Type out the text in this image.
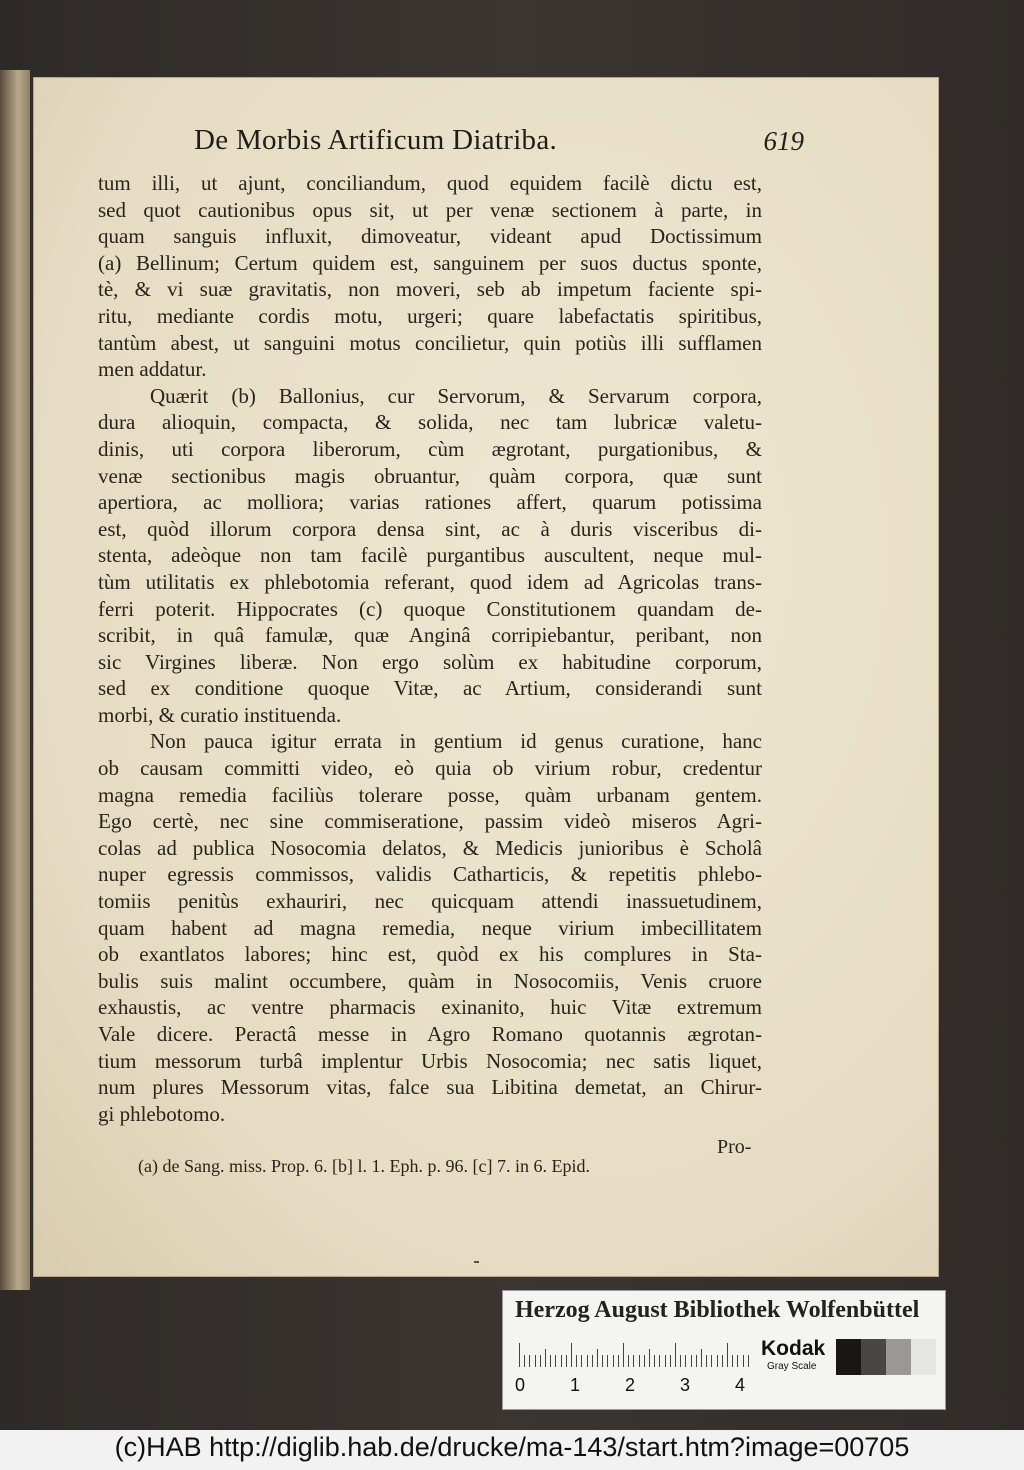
De Morbis Artificum Diatriba.	619
tum illi, ut ajunt, conciliandum, quod equidem facilè dictu est,
sed quot cautionibus opus sit, ut per venæ sectionem à parte, in
quam sanguis influxit, dimoveatur, videant apud Doctissimum
(a) Bellinum; Certum quidem est, sanguinem per suos ductus sponte,
tè, & vi suæ gravitatis, non moveri, seb ab impetum faciente spi-
ritu, mediante cordis motu, urgeri; quare labefactatis spiritibus,
tantùm abest, ut sanguini motus concilietur, quin potiùs illi sufflamen
men addatur.
Quærit (b) Ballonius, cur Servorum, & Servarum corpora,
dura alioquin, compacta, & solida, nec tam lubricæ valetu-
dinis, uti corpora liberorum, cùm ægrotant, purgationibus, &
venæ sectionibus magis obruantur, quàm corpora, quæ sunt
apertiora, ac molliora; varias rationes affert, quarum potissima
est, quòd illorum corpora densa sint, ac à duris visceribus di-
stenta, adeòque non tam facilè purgantibus auscultent, neque mul-
tùm utilitatis ex phlebotomia referant, quod idem ad Agricolas trans-
ferri poterit. Hippocrates (c) quoque Constitutionem quandam de-
scribit, in quâ famulæ, quæ Anginâ corripiebantur, peribant, non
sic Virgines liberæ. Non ergo solùm ex habitudine corporum,
sed ex conditione quoque Vitæ, ac Artium, considerandi sunt
morbi, & curatio instituenda.
Non pauca igitur errata in gentium id genus curatione, hanc
ob causam committi video, eò quia ob virium robur, credentur
magna remedia faciliùs tolerare posse, quàm urbanam gentem.
Ego certè, nec sine commiseratione, passim videò miseros Agri-
colas ad publica Nosocomia delatos, & Medicis junioribus è Scholâ
nuper egressis commissos, validis Catharticis, & repetitis phlebo-
tomiis penitùs exhauriri, nec quicquam attendi inassuetudinem,
quam habent ad magna remedia, neque virium imbecillitatem
ob exantlatos labores; hinc est, quòd ex his complures in Sta-
bulis suis malint occumbere, quàm in Nosocomiis, Venis cruore
exhaustis, ac ventre pharmacis exinanito, huic Vitæ extremum
Vale dicere. Peractâ messe in Agro Romano quotannis ægrotan-
tium messorum turbâ implentur Urbis Nosocomia; nec satis liquet,
num plures Messorum vitas, falce sua Libitina demetat, an Chirur-
gi phlebotomo.
Pro-
(a) de Sang. miss. Prop. 6. [b] l. 1. Eph. p. 96. [c] 7. in 6. Epid.
Herzog August Bibliothek Wolfenbüttel
0 1 2 3 4
Kodak
Gray Scale
(c)HAB http://diglib.hab.de/drucke/ma-143/start.htm?image=00705
